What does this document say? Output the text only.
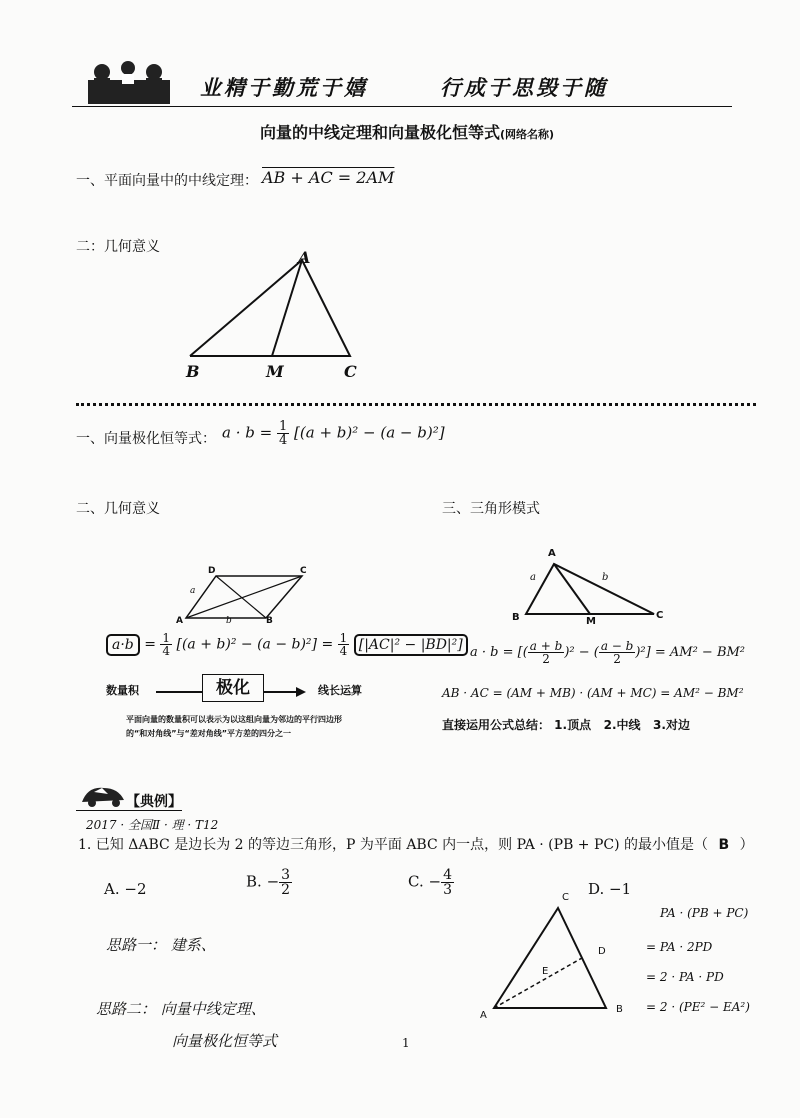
业精于勤荒于嬉	行成于思毁于随
向量的中线定理和向量极化恒等式(网络名称)
一、平面向量中的中线定理： AB + AC = 2AM
二：几何意义
A
B	M	C
一、向量极化恒等式： $a \cdot b = \frac{1}{4} [(a + b)^2 - (a - b)^2]$
二、几何意义
D	C
A	B
a
b
$a\cdot b = \frac{1}{4} [(a + b)^2 - (a - b)^2] = \frac{1}{4} [|AC|^2 - |BD|^2]$
数量积	极化	线长运算
平面向量的数量积可以表示为以这组向量为邻边的平行四边形
的“和对角线”与“差对角线”平方差的四分之一
三、三角形模式
A
B	M
C
a	b
a · b = [( $\frac{a + b}{2} )^2$ − ( $\frac{a - b}{2} )^2] = AM^2 - BM^2$
AB · AC = (AM + MB) · (AM + MC) = AM² − BM²
直接运用公式总结： 1.顶点   2.中线   3.对边
【典例】
2017 · 全国Ⅱ · 理 · T12
1. 已知 ΔABC 是边长为 2 的等边三角形，P 为平面 ABC 内一点，则 PA · (PB + PC) 的最小值是（ B ）
A. −2	B. − $\frac{3}{2}$	C. − $\frac{4}{3}$	D. −1
思路一： 建系、
思路二： 向量中线定理、
向量极化恒等式
C
D
E
A
B
PA · (PB + PC)
= PA · 2PD
= 2 · PA · PD
= 2 · (PE² − EA²)
1
